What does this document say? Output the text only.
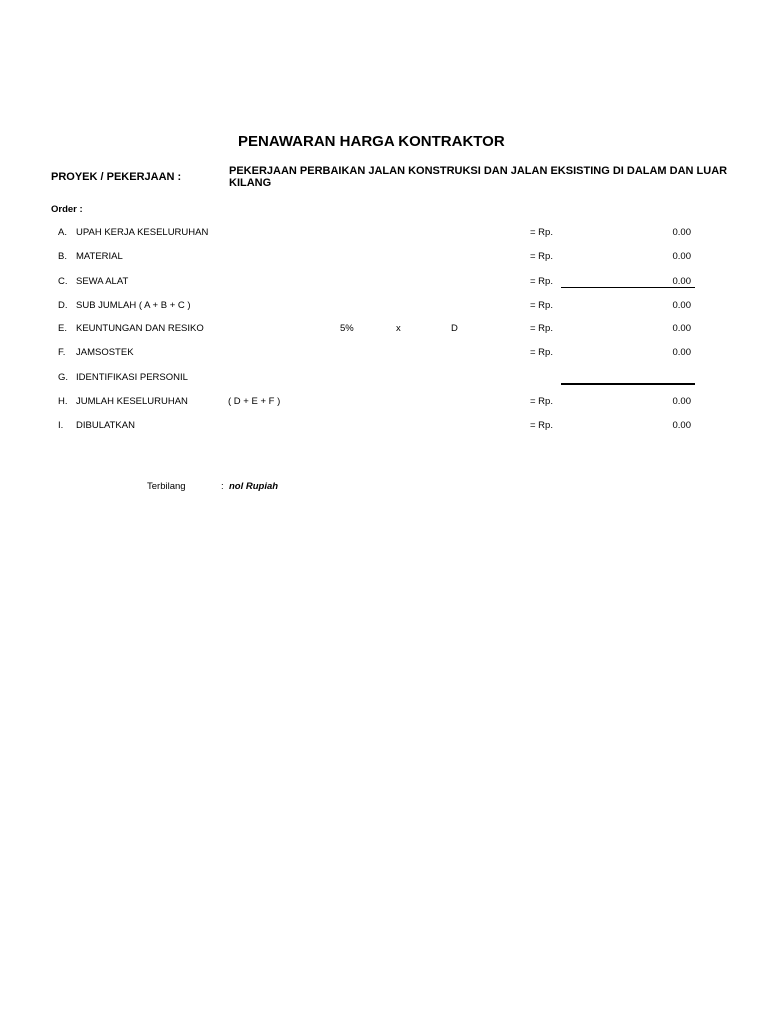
PENAWARAN HARGA KONTRAKTOR
PROYEK / PEKERJAAN :	PEKERJAAN PERBAIKAN JALAN KONSTRUKSI DAN JALAN EKSISTING DI DALAM DAN LUAR KILANG
Order :
A. UPAH KERJA KESELURUHAN	= Rp.	0.00
B. MATERIAL	= Rp.	0.00
C. SEWA ALAT	= Rp.	0.00
D. SUB JUMLAH ( A + B + C )	= Rp.	0.00
E. KEUNTUNGAN DAN RESIKO	5%	x	D	= Rp.	0.00
F. JAMSOSTEK	= Rp.	0.00
G. IDENTIFIKASI PERSONIL
H. JUMLAH KESELURUHAN	( D + E + F )	= Rp.	0.00
I. DIBULATKAN	= Rp.	0.00
Terbilang	: nol Rupiah
